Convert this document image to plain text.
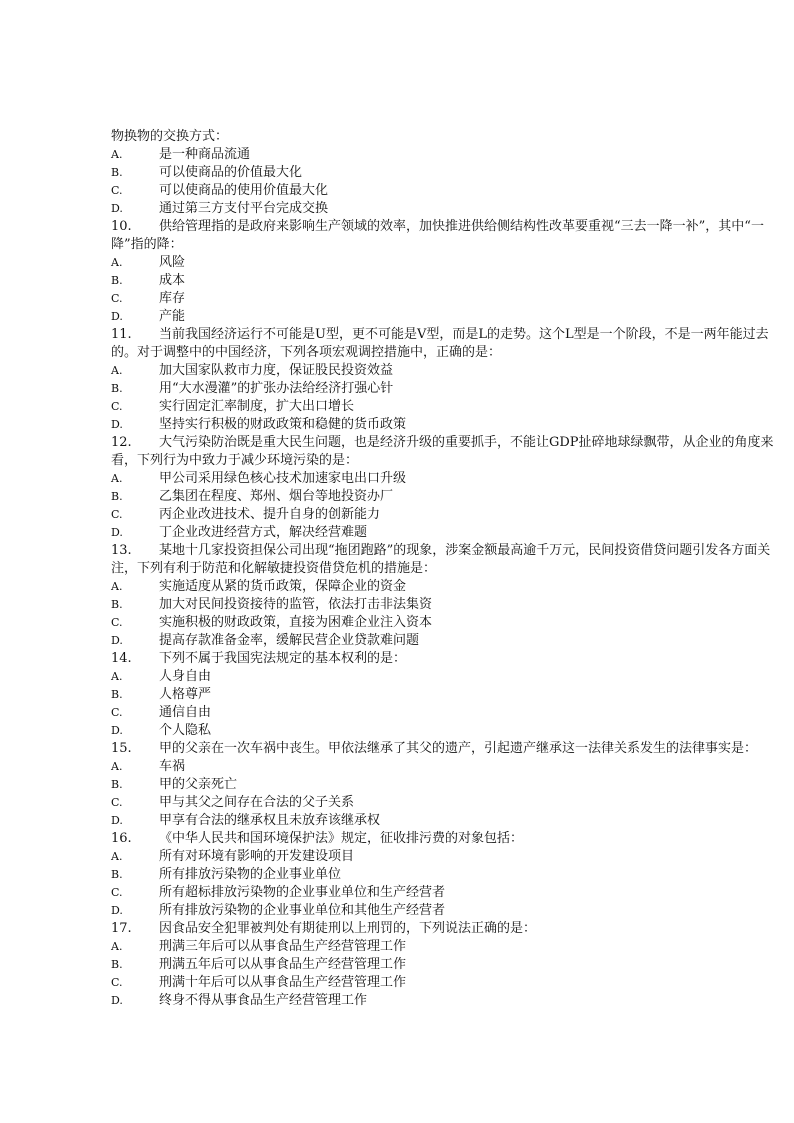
物换物的交换方式：
A.	是一种商品流通
B.	可以使商品的价值最大化
C.	可以使商品的使用价值最大化
D.	通过第三方支付平台完成交换
10. 供给管理指的是政府来影响生产领域的效率，加快推进供给侧结构性改革要重视“三去一降一补”，其中“一降”指的降：
A.	风险
B.	成本
C.	库存
D.	产能
11. 当前我国经济运行不可能是U型，更不可能是V型，而是L的走势。这个L型是一个阶段，不是一两年能过去的。对于调整中的中国经济，下列各项宏观调控措施中，正确的是：
A.	加大国家队救市力度，保证股民投资效益
B.	用“大水漫灌”的扩张办法给经济打强心针
C.	实行固定汇率制度，扩大出口增长
D.	坚持实行积极的财政政策和稳健的货币政策
12. 大气污染防治既是重大民生问题，也是经济升级的重要抓手，不能让GDP扯碎地球绿飘带，从企业的角度来看，下列行为中致力于减少环境污染的是：
A.	甲公司采用绿色核心技术加速家电出口升级
B.	乙集团在程度、郑州、烟台等地投资办厂
C.	丙企业改进技术、提升自身的创新能力
D.	丁企业改进经营方式，解决经营难题
13. 某地十几家投资担保公司出现“拖团跑路”的现象，涉案金额最高逾千万元，民间投资借贷问题引发各方面关注，下列有利于防范和化解敏捷投资借贷危机的措施是：
A.	实施适度从紧的货币政策，保障企业的资金
B.	加大对民间投资接待的监管，依法打击非法集资
C.	实施积极的财政政策，直接为困难企业注入资本
D.	提高存款准备金率，缓解民营企业贷款难问题
14. 下列不属于我国宪法规定的基本权利的是：
A.	人身自由
B.	人格尊严
C.	通信自由
D.	个人隐私
15. 甲的父亲在一次车祸中丧生。甲依法继承了其父的遗产，引起遗产继承这一法律关系发生的法律事实是：
A.	车祸
B.	甲的父亲死亡
C.	甲与其父之间存在合法的父子关系
D.	甲享有合法的继承权且未放弃该继承权
16. 《中华人民共和国环境保护法》规定，征收排污费的对象包括：
A.	所有对环境有影响的开发建设项目
B.	所有排放污染物的企业事业单位
C.	所有超标排放污染物的企业事业单位和生产经营者
D.	所有排放污染物的企业事业单位和其他生产经营者
17. 因食品安全犯罪被判处有期徒刑以上刑罚的，下列说法正确的是：
A.	刑满三年后可以从事食品生产经营管理工作
B.	刑满五年后可以从事食品生产经营管理工作
C.	刑满十年后可以从事食品生产经营管理工作
D.	终身不得从事食品生产经营管理工作
